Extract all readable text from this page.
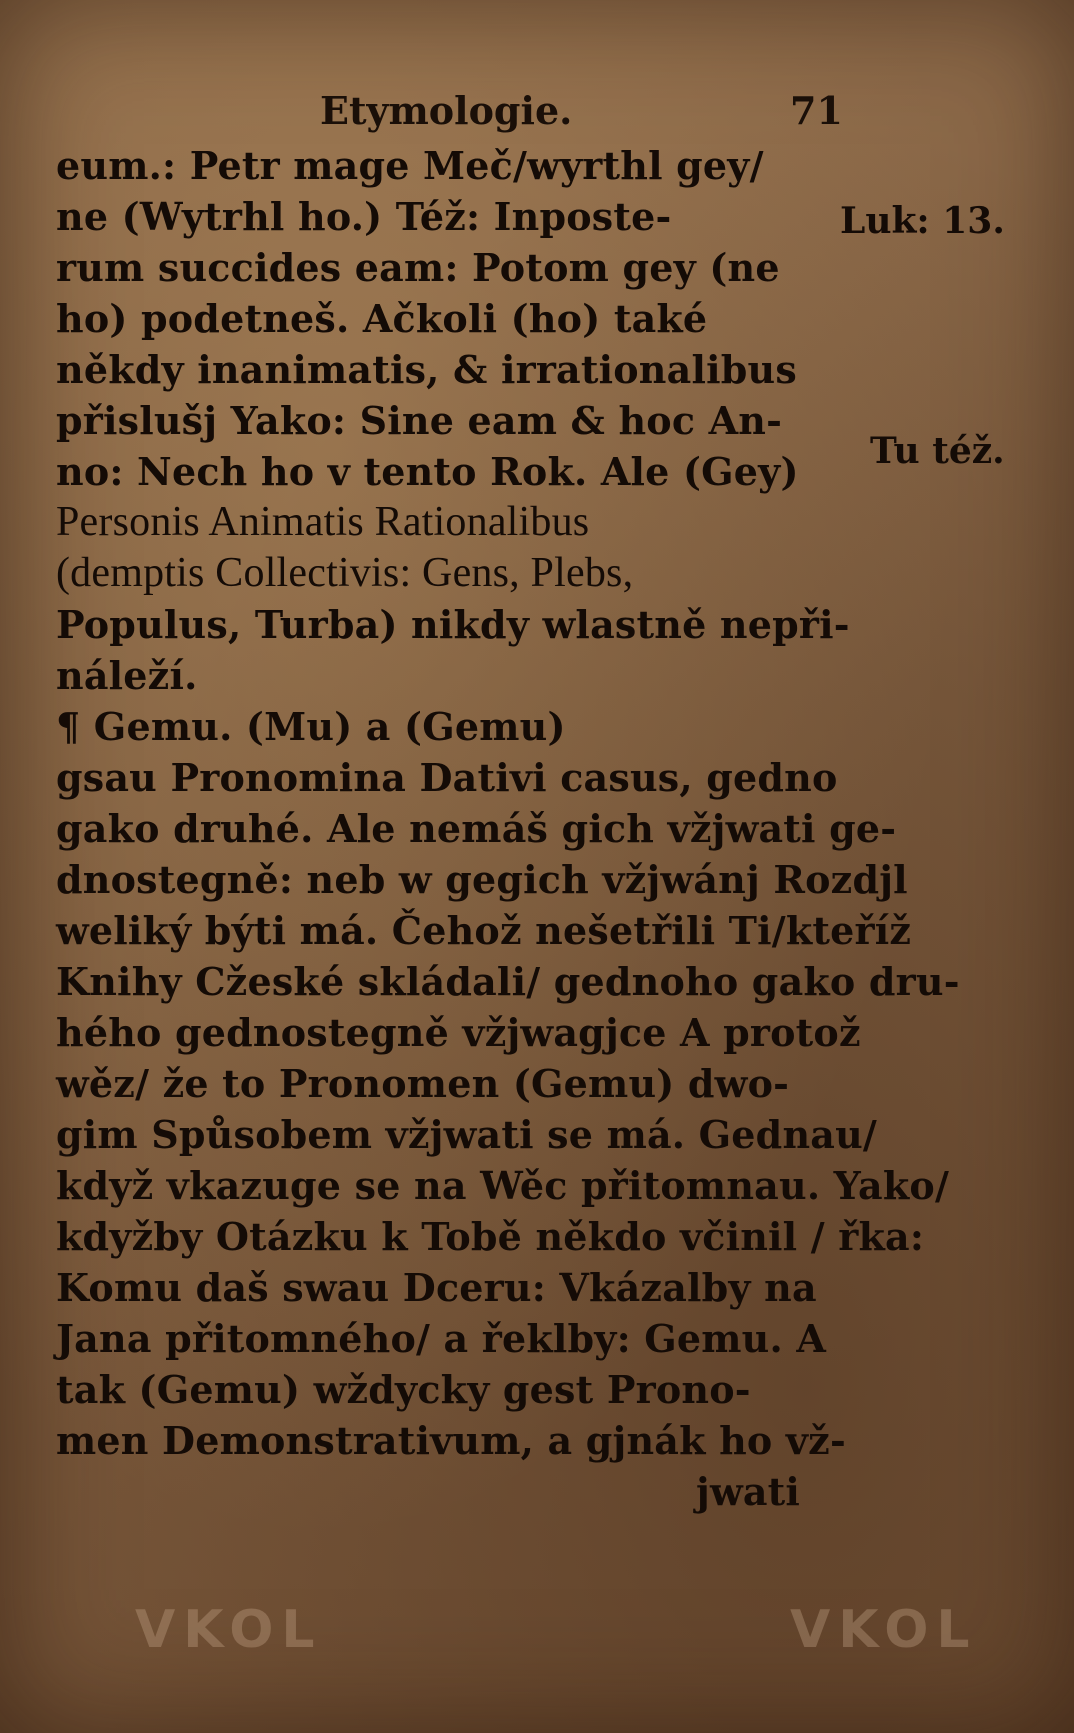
Etymologie.	71
eum.: Petr mage Meč/wyrthl gey/
ne (Wytrhl ho.) Též: Inposte-
rum succides eam: Potom gey (ne
ho) podetneš. Ačkoli (ho) také
někdy inanimatis, & irrationalibus
přislušj Yako: Sine eam & hoc An-
no: Nech ho v tento Rok. Ale (Gey)
Personis Animatis Rationalibus
(demptis Collectivis: Gens, Plebs,
Populus, Turba) nikdy wlastně nepři-
náleží.
¶ Gemu. (Mu) a (Gemu)
gsau Pronomina Dativi casus, gedno
gako druhé. Ale nemáš gich vžjwati ge-
dnostegně: neb w gegich vžjwánj Rozdjl
weliký býti má. Čehož nešetřili Ti/kteříž
Knihy Cžeské skládali/ gednoho gako dru-
hého gednostegně vžjwagjce A protož
wěz/ že to Pronomen (Gemu) dwo-
gim Spůsobem vžjwati se má. Gednau/
když vkazuge se na Wěc přitomnau. Yako/
kdyžby Otázku k Tobě někdo včinil / řka:
Komu daš swau Dceru: Vkázalby na
Jana přitomného/ a řeklby: Gemu. A
tak (Gemu) wždycky gest Prono-
men Demonstrativum, a gjnák ho vž-
jwati
Luk: 13.
Tu též.
VKOL	VKOL
